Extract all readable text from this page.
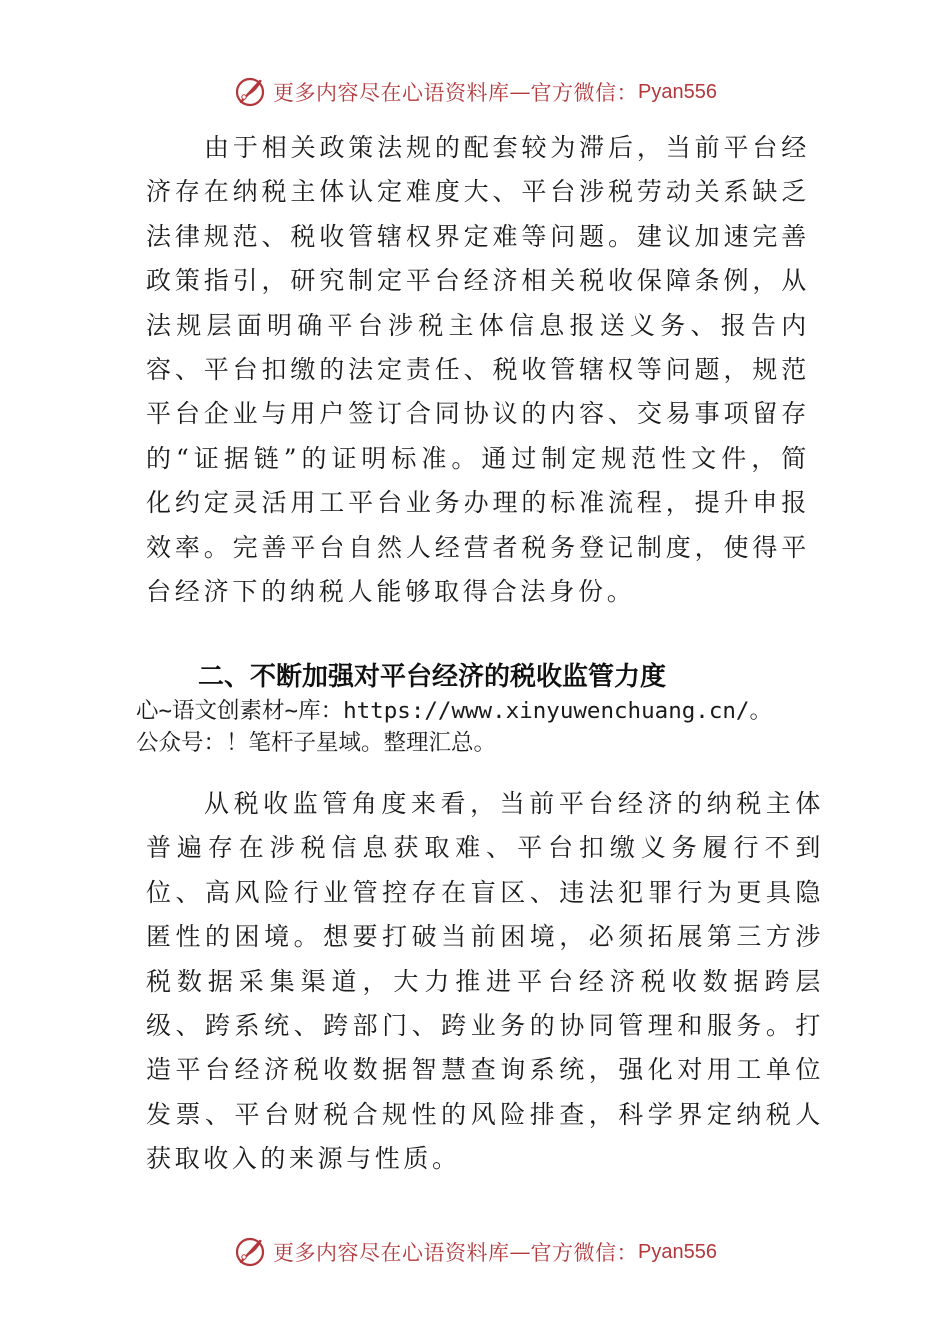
更多内容尽在心语资料库 — 官方微信： Pyan556

由于相关政策法规的配套较为滞后，当前平台经济存在纳税主体认定难度大、平台涉税劳动关系缺乏法律规范、税收管辖权界定难等问题。建议加速完善政策指引，研究制定平台经济相关税收保障条例，从法规层面明确平台涉税主体信息报送义务、报告内容、平台扣缴的法定责任、税收管辖权等问题，规范平台企业与用户签订合同协议的内容、交易事项留存的“证据链”的证明标准。通过制定规范性文件，简化约定灵活用工平台业务办理的标准流程，提升申报效率。完善平台自然人经营者税务登记制度，使得平台经济下的纳税人能够取得合法身份。

二、不断加强对平台经济的税收监管力度
心~语文创素材~库：https://www.xinyuwenchuang.cn/。
公众号：！笔杆子星域。整理汇总。

从税收监管角度来看，当前平台经济的纳税主体普遍存在涉税信息获取难、平台扣缴义务履行不到位、高风险行业管控存在盲区、违法犯罪行为更具隐匿性的困境。想要打破当前困境，必须拓展第三方涉税数据采集渠道，大力推进平台经济税收数据跨层级、跨系统、跨部门、跨业务的协同管理和服务。打造平台经济税收数据智慧查询系统，强化对用工单位发票、平台财税合规性的风险排查，科学界定纳税人获取收入的来源与性质。

更多内容尽在心语资料库 — 官方微信： Pyan556
